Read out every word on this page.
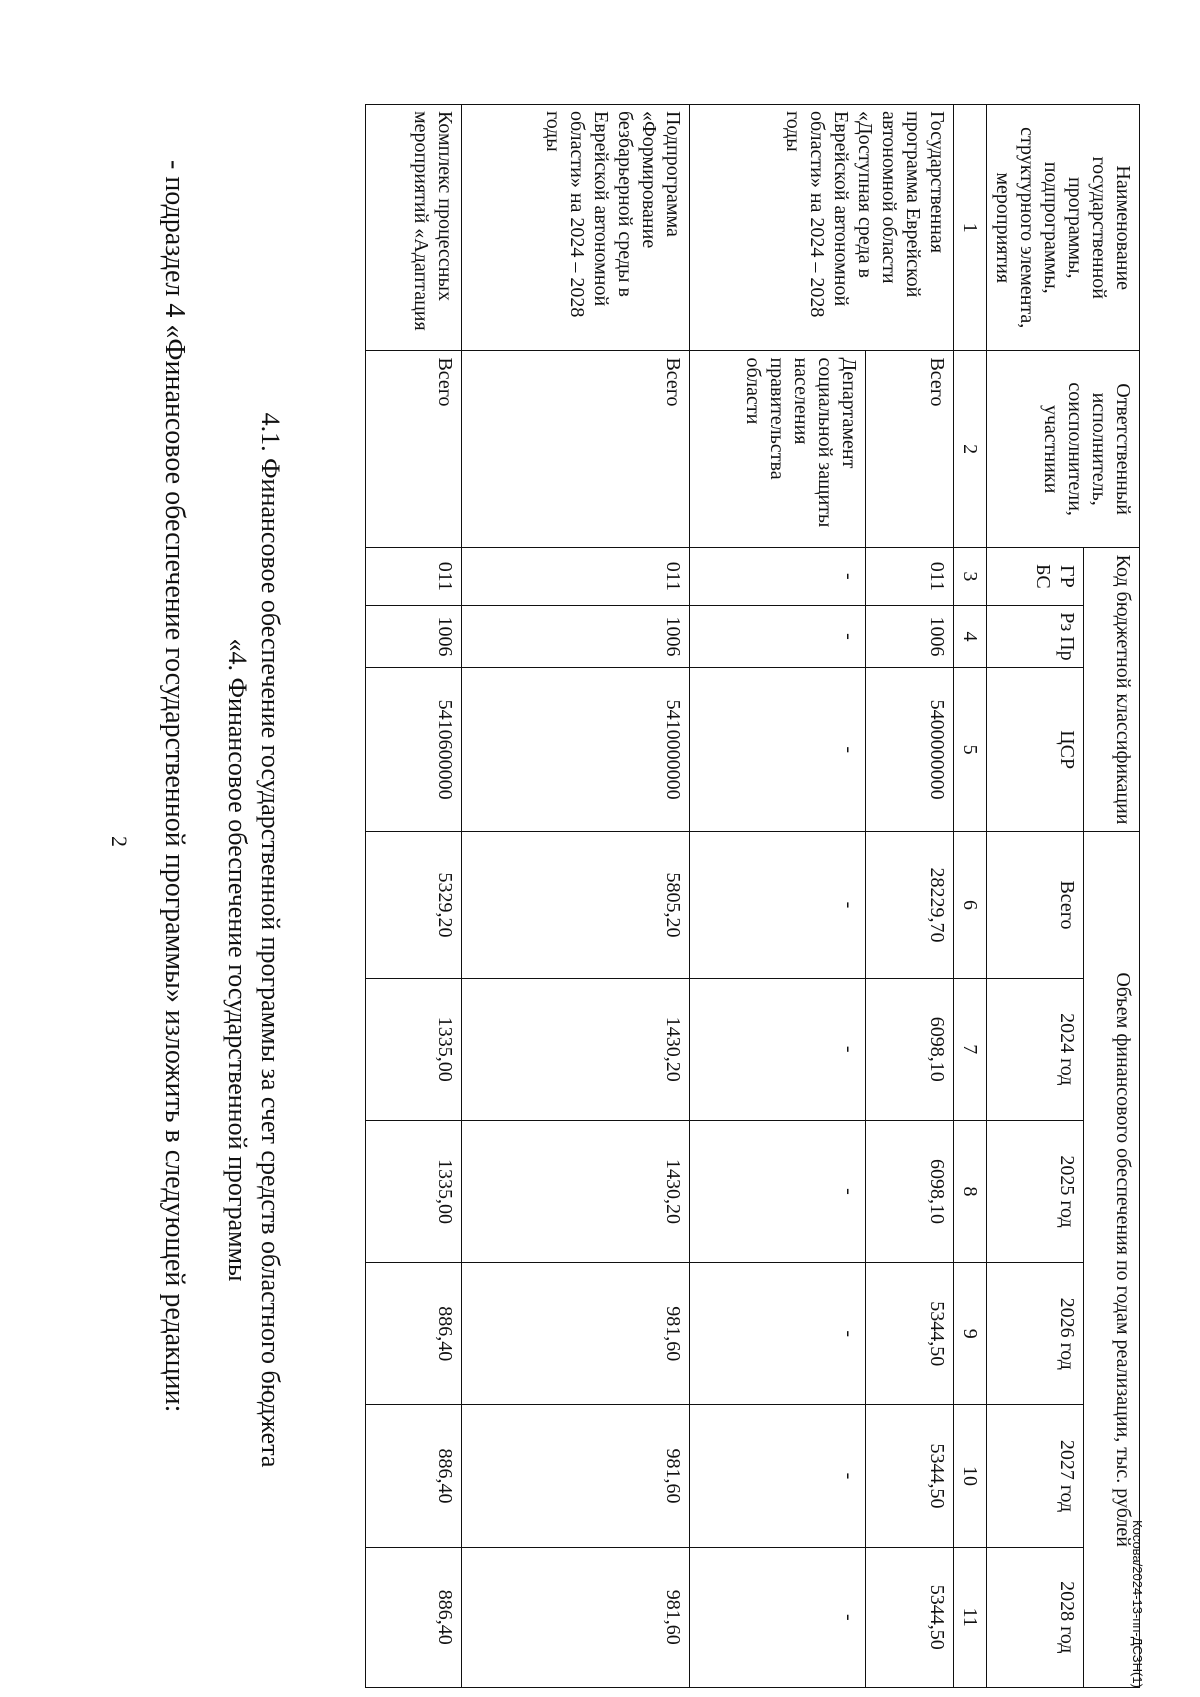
2 - подраздел 4 «Финансовое обеспечение государственной программы» изложить в следующей редакции: «4. Финансовое обеспечение государственной программы 4.1. Финансовое обеспечение государственной программы за счет средств областного бюджета
Косова/2024-13-пп-ДСЗН(1)
Наименование государственной программы, подпрограммы, структурного элемента, мероприятия	Ответственный исполнитель, соисполнители, участники	Код бюджетной классификации			Объем финансового обеспечения по годам реализации, тыс. рублей					
		ГР БС	Рз Пр	ЦСР	Всего	2024 год	2025 год	2026 год	2027 год	2028 год
1	2	3	4	5	6	7	8	9	10	11
Государственная программа Еврейской автономной области «Доступная среда в Еврейской автономной области» на 2024 – 2028 годы	Всего	011	1006	5400000000	28229,70	6098,10	6098,10	5344,50	5344,50	5344,50
	Департамент социальной защиты населения правительства области	-	-	-	-	-	-	-	-	-
Подпрограмма «Формирование безбарьерной среды в Еврейской автономной области» на 2024 – 2028 годы	Всего	011	1006	5410000000	5805,20	1430,20	1430,20	981,60	981,60	981,60
Комплекс процессных мероприятий «Адаптация	Всего	011	1006	5410600000	5329,20	1335,00	1335,00	886,40	886,40	886,40
